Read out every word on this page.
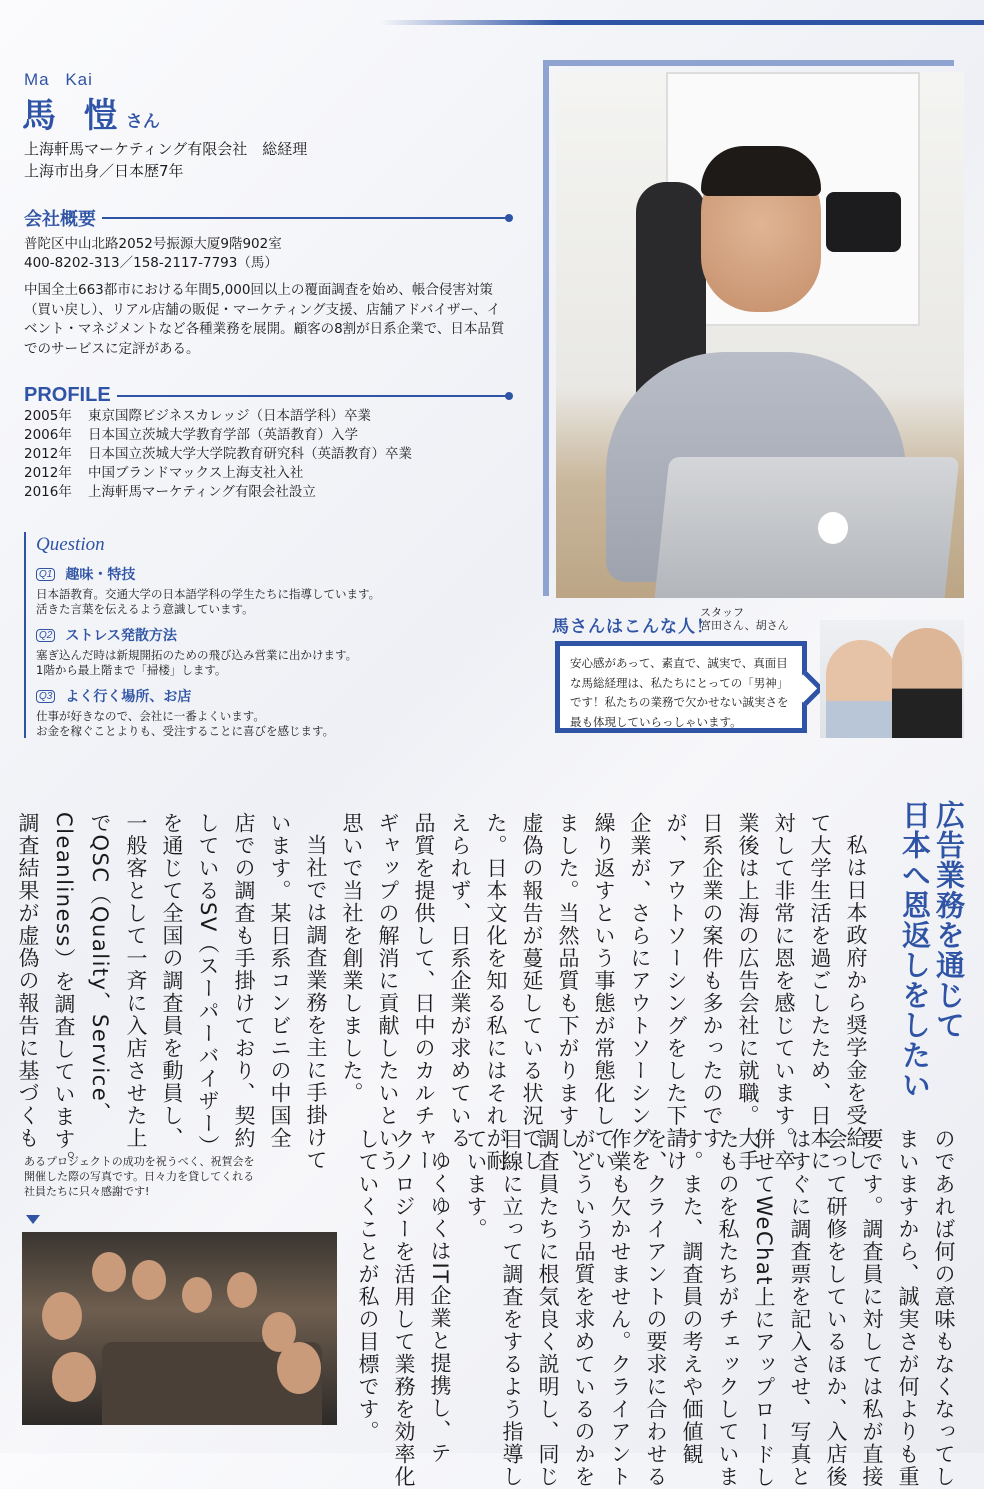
Ma Kai
馬 愷さん
上海軒馬マーケティング有限会社　総経理
上海市出身／日本歴7年
会社概要
普陀区中山北路2052号振源大厦9階902室
400-8202-313／158-2117-7793（馬）
中国全土663都市における年間5,000回以上の覆面調査を始め、帳合侵害対策（買い戻し）、リアル店舗の販促・マーケティング支援、店舗アドバイザー、イベント・マネジメントなど各種業務を展開。顧客の8割が日系企業で、日本品質でのサービスに定評がある。
PROFILE
2005年	東京国際ビジネスカレッジ（日本語学科）卒業
2006年	日本国立茨城大学教育学部（英語教育）入学
2012年	日本国立茨城大学大学院教育研究科（英語教育）卒業
2012年	中国ブランドマックス上海支社入社
2016年	上海軒馬マーケティング有限会社設立
Question
Q1 趣味・特技
日本語教育。交通大学の日本語学科の学生たちに指導しています。
活きた言葉を伝えるよう意識しています。
Q2 ストレス発散方法
塞ぎ込んだ時は新規開拓のための飛び込み営業に出かけます。
1階から最上階まで「掃楼」します。
Q3 よく行く場所、お店
仕事が好きなので、会社に一番よくいます。
お金を稼ぐことよりも、受注することに喜びを感じます。
馬さんはこんな人！
スタッフ
宮田さん、胡さん
安心感があって、素直で、誠実で、真面目な馬総経理は、私たちにとっての「男神」です！私たちの業務で欠かせない誠実さを最も体現していらっしゃいます。
広告業務を通じて
日本へ恩返しをしたい
私は日本政府から奨学金を受給し
て大学生活を過ごしたため、日本に
対して非常に恩を感じています。卒
業後は上海の広告会社に就職。大手
日系企業の案件も多かったのです
が、アウトソーシングをした下請け
企業が、さらにアウトソーシングを
繰り返すという事態が常態化してい
ました。当然品質も下がりますし、
虚偽の報告が蔓延している状況でし
た。日本文化を知る私にはそれが耐
えられず、日系企業が求めている
品質を提供して、日中のカルチャー
ギャップの解消に貢献したいという
思いで当社を創業しました。
当社では調査業務を主に手掛けて
います。某日系コンビニの中国全
店での調査も手掛けており、契約
しているSV（スーパーバイザー）
を通じて全国の調査員を動員し、
一般客として一斉に入店させた上
でQSC（Quality、Service、
Cleanliness）を調査しています。
調査結果が虚偽の報告に基づくも
のであれば何の意味もなくなってし
まいますから、誠実さが何よりも重
要です。調査員に対しては私が直接
会って研修をしているほか、入店後
はすぐに調査票を記入させ、写真と
併せてWeChat上にアップロードし
たものを私たちがチェックしていま
す。また、調査員の考えや価値観
を、クライアントの要求に合わせる
作業も欠かせません。クライアント
がどういう品質を求めているのかを
調査員たちに根気良く説明し、同じ
目線に立って調査をするよう指導し
ています。
ゆくゆくはIT企業と提携し、テ
クノロジーを活用して業務を効率化
していくことが私の目標です。
あるプロジェクトの成功を祝うべく、祝賀会を開催した際の写真です。日々力を貸してくれる社員たちに只々感謝です!
